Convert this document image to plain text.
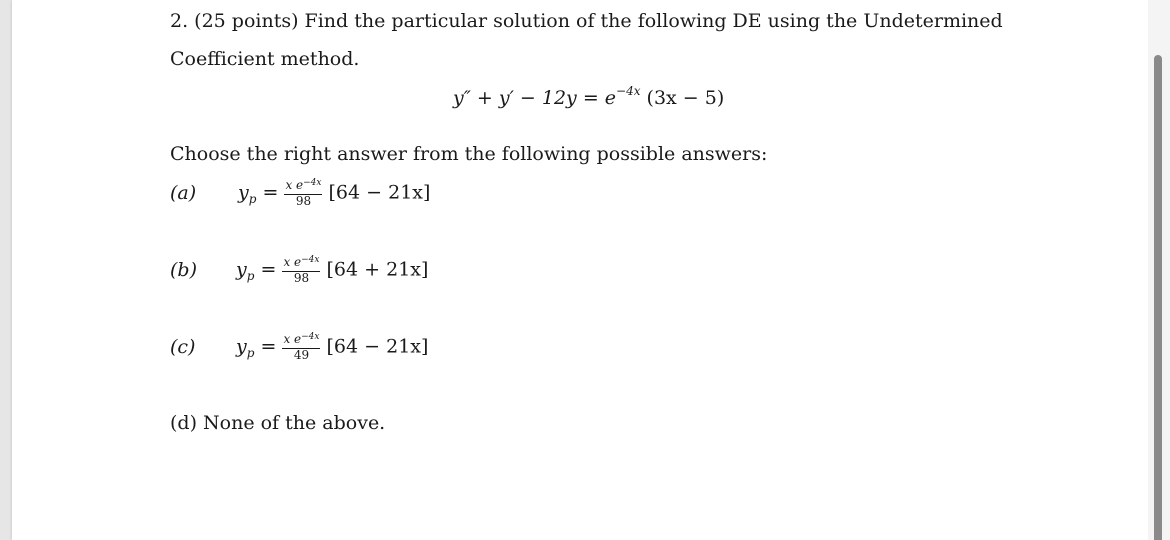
2. (25 points) Find the particular solution of the following DE using the Undetermined
Coefficient method.
$y'' + y' - 12y = e^{-4x}$ (3x − 5)
Choose the right answer from the following possible answers:
(a) $y_p = \frac{x e^{-4x}}{98} [64 - 21x]$
(b) $y_p = \frac{x e^{-4x}}{98} [64 + 21x]$
(c) $y_p = \frac{x e^{-4x}}{49} [64 - 21x]$
(d) None of the above.
